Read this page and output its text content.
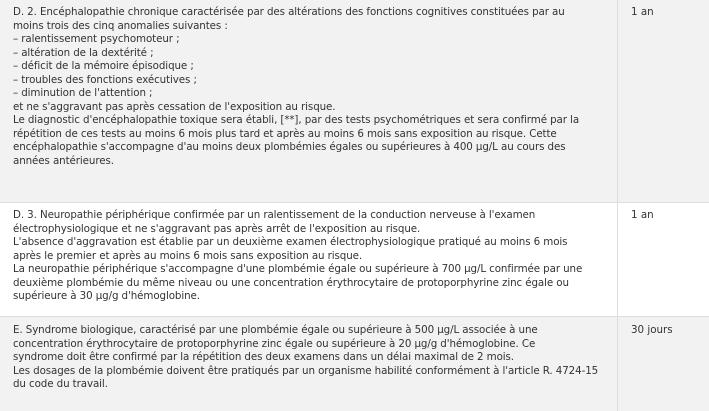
D. 2. Encéphalopathie chronique caractérisée par des altérations des fonctions cognitives constituées par au
moins trois des cinq anomalies suivantes :
– ralentissement psychomoteur ;
– altération de la dextérité ;
– déficit de la mémoire épisodique ;
– troubles des fonctions exécutives ;
– diminution de l'attention ;
et ne s'aggravant pas après cessation de l'exposition au risque.
Le diagnostic d'encéphalopathie toxique sera établi, [**], par des tests psychométriques et sera confirmé par la
répétition de ces tests au moins 6 mois plus tard et après au moins 6 mois sans exposition au risque. Cette
encéphalopathie s'accompagne d'au moins deux plombémies égales ou supérieures à 400 μg/L au cours des
années antérieures.
1 an
D. 3. Neuropathie périphérique confirmée par un ralentissement de la conduction nerveuse à l'examen
électrophysiologique et ne s'aggravant pas après arrêt de l'exposition au risque.
L'absence d'aggravation est établie par un deuxième examen électrophysiologique pratiqué au moins 6 mois
après le premier et après au moins 6 mois sans exposition au risque.
La neuropathie périphérique s'accompagne d'une plombémie égale ou supérieure à 700 μg/L confirmée par une
deuxième plombémie du même niveau ou une concentration érythrocytaire de protoporphyrine zinc égale ou
supérieure à 30 μg/g d'hémoglobine.
1 an
E. Syndrome biologique, caractérisé par une plombémie égale ou supérieure à 500 μg/L associée à une
concentration érythrocytaire de protoporphyrine zinc égale ou supérieure à 20 μg/g d'hémoglobine. Ce
syndrome doit être confirmé par la répétition des deux examens dans un délai maximal de 2 mois.
Les dosages de la plombémie doivent être pratiqués par un organisme habilité conformément à l'article R. 4724-15
du code du travail.
30 jours
